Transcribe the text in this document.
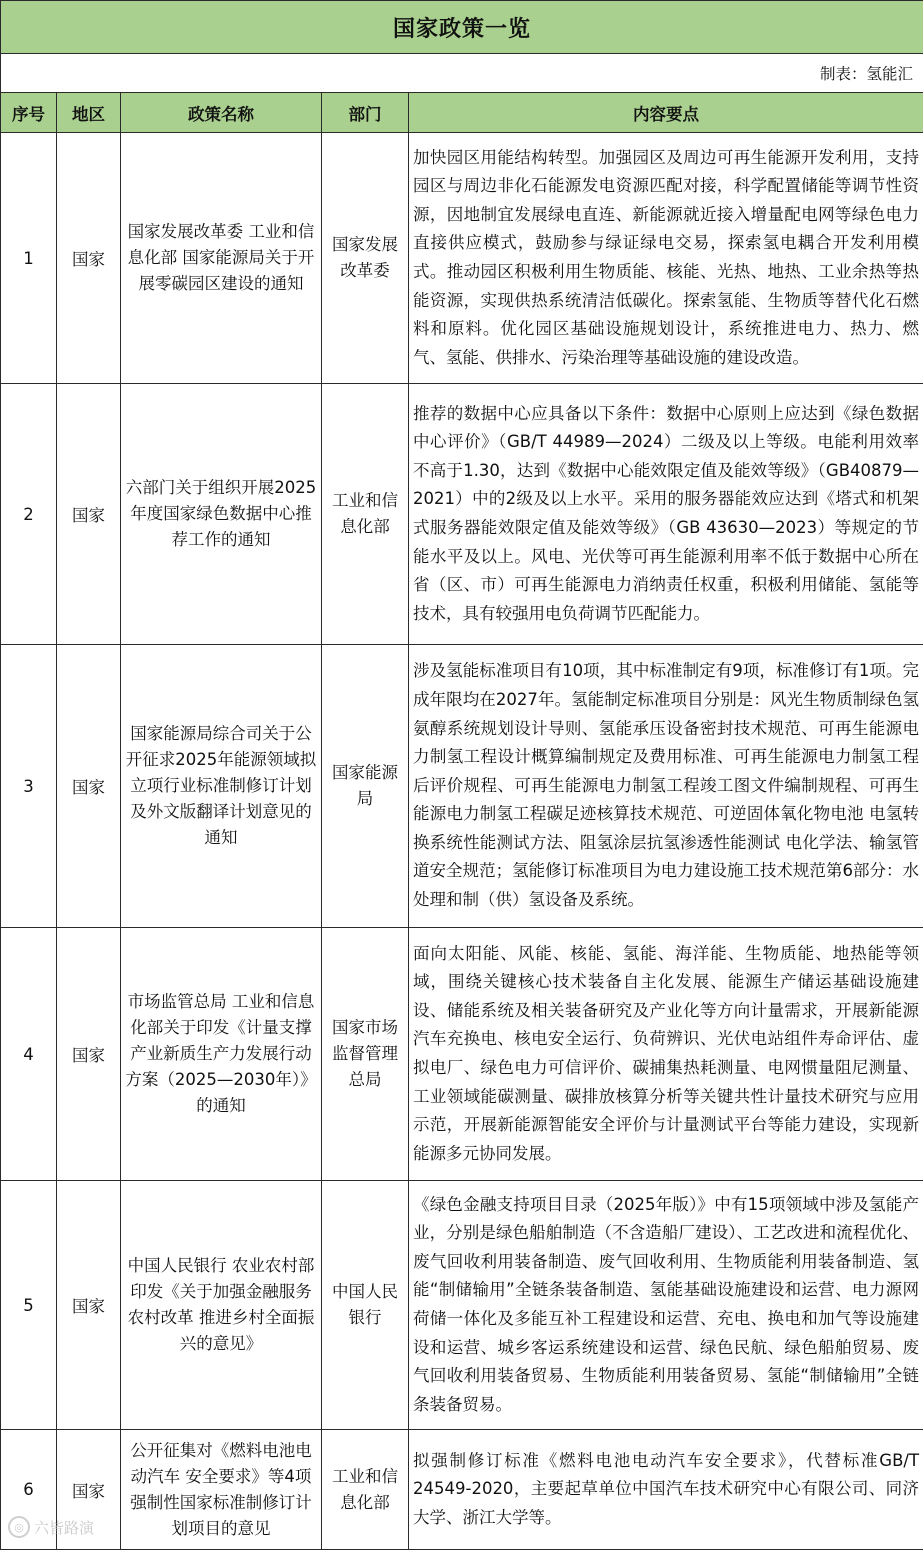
国家政策一览				
制表：氢能汇				
序号	地区	政策名称	部门	内容要点
1	国家	国家发展改革委 工业和信息化部 国家能源局关于开展零碳园区建设的通知	国家发展改革委	加快园区用能结构转型。加强园区及周边可再生能源开发利用，支持园区与周边非化石能源发电资源匹配对接，科学配置储能等调节性资源，因地制宜发展绿电直连、新能源就近接入增量配电网等绿色电力直接供应模式，鼓励参与绿证绿电交易，探索氢电耦合开发利用模式。推动园区积极利用生物质能、核能、光热、地热、工业余热等热能资源，实现供热系统清洁低碳化。探索氢能、生物质等替代化石燃料和原料。优化园区基础设施规划设计，系统推进电力、热力、燃气、氢能、供排水、污染治理等基础设施的建设改造。
2	国家	六部门关于组织开展2025年度国家绿色数据中心推荐工作的通知	工业和信息化部	推荐的数据中心应具备以下条件：数据中心原则上应达到《绿色数据中心评价》（GB/T 44989—2024）二级及以上等级。电能利用效率不高于1.30，达到《数据中心能效限定值及能效等级》（GB40879—2021）中的2级及以上水平。采用的服务器能效应达到《塔式和机架式服务器能效限定值及能效等级》（GB 43630—2023）等规定的节能水平及以上。风电、光伏等可再生能源利用率不低于数据中心所在省（区、市）可再生能源电力消纳责任权重，积极利用储能、氢能等技术，具有较强用电负荷调节匹配能力。
3	国家	国家能源局综合司关于公开征求2025年能源领域拟立项行业标准制修订计划及外文版翻译计划意见的通知	国家能源局	涉及氢能标准项目有10项，其中标准制定有9项，标准修订有1项。完成年限均在2027年。氢能制定标准项目分别是：风光生物质制绿色氢氨醇系统规划设计导则、氢能承压设备密封技术规范、可再生能源电力制氢工程设计概算编制规定及费用标准、可再生能源电力制氢工程后评价规程、可再生能源电力制氢工程竣工图文件编制规程、可再生能源电力制氢工程碳足迹核算技术规范、可逆固体氧化物电池 电氢转换系统性能测试方法、阻氢涂层抗氢渗透性能测试 电化学法、输氢管道安全规范；氢能修订标准项目为电力建设施工技术规范第6部分：水处理和制（供）氢设备及系统。
4	国家	市场监管总局 工业和信息化部关于印发《计量支撑产业新质生产力发展行动方案（2025—2030年）》的通知	国家市场监督管理总局	面向太阳能、风能、核能、氢能、海洋能、生物质能、地热能等领域，围绕关键核心技术装备自主化发展、能源生产储运基础设施建设、储能系统及相关装备研究及产业化等方向计量需求，开展新能源汽车充换电、核电安全运行、负荷辨识、光伏电站组件寿命评估、虚拟电厂、绿色电力可信评价、碳捕集热耗测量、电网惯量阻尼测量、工业领域能碳测量、碳排放核算分析等关键共性计量技术研究与应用示范，开展新能源智能安全评价与计量测试平台等能力建设，实现新能源多元协同发展。
5	国家	中国人民银行 农业农村部印发《关于加强金融服务农村改革 推进乡村全面振兴的意见》	中国人民银行	《绿色金融支持项目目录（2025年版）》中有15项领域中涉及氢能产业，分别是绿色船舶制造（不含造船厂建设）、工艺改进和流程优化、废气回收利用装备制造、废气回收利用、生物质能利用装备制造、氢能“制储输用”全链条装备制造、氢能基础设施建设和运营、电力源网荷储一体化及多能互补工程建设和运营、充电、换电和加气等设施建设和运营、城乡客运系统建设和运营、绿色民航、绿色船舶贸易、废气回收利用装备贸易、生物质能利用装备贸易、氢能“制储输用”全链条装备贸易。
6	国家	公开征集对《燃料电池电动汽车 安全要求》等4项强制性国家标准制修订计划项目的意见	工业和信息化部	拟强制修订标准《燃料电池电动汽车安全要求》，代替标准GB/T 24549-2020，主要起草单位中国汽车技术研究中心有限公司、同济大学、浙江大学等。
◎ 六皆路演
